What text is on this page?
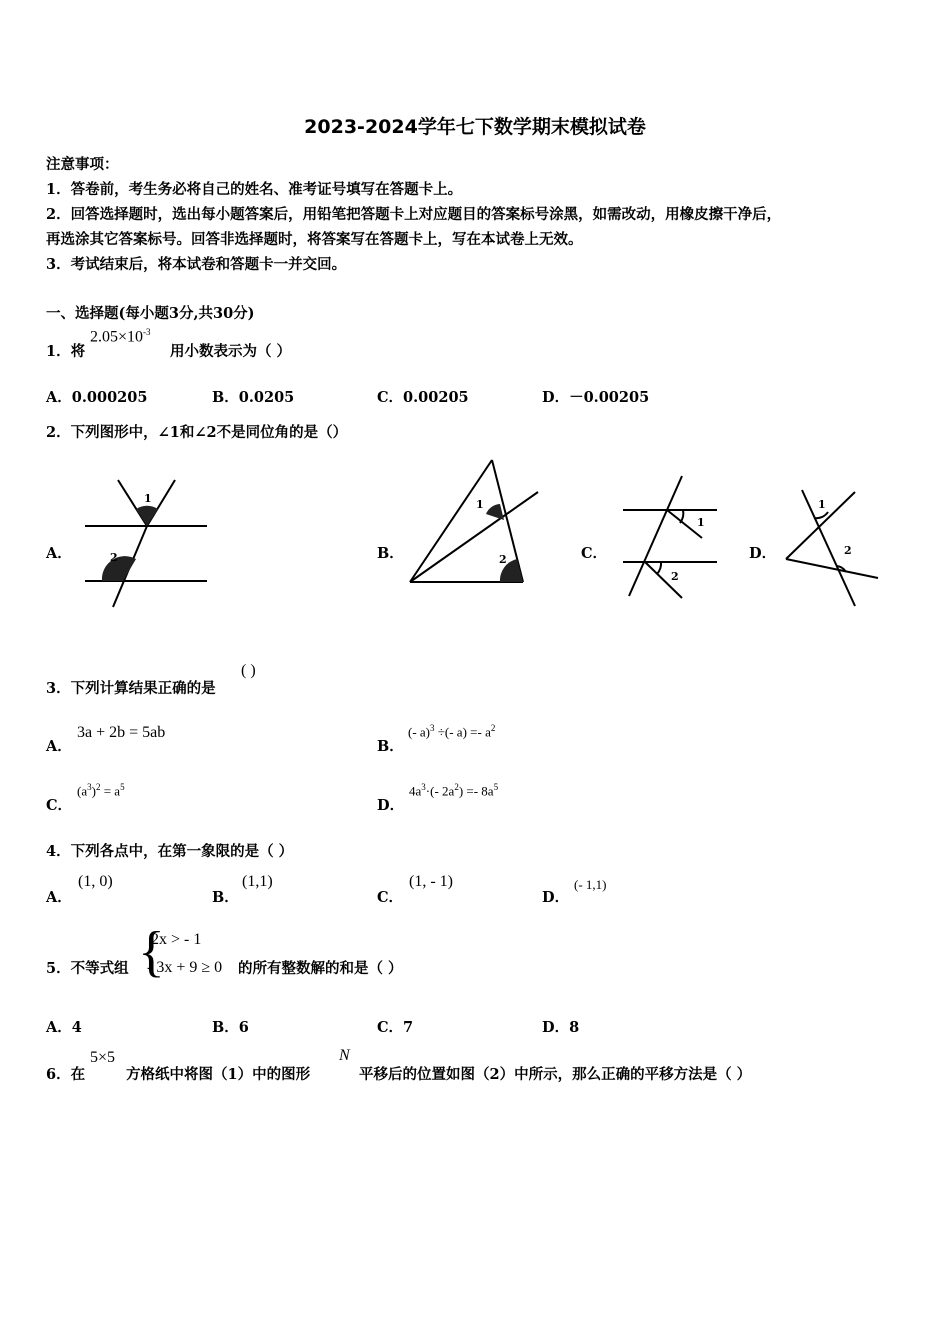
2023-2024学年七下数学期末模拟试卷
注意事项：
1．答卷前，考生务必将自己的姓名、准考证号填写在答题卡上。
2．回答选择题时，选出每小题答案后，用铅笔把答题卡上对应题目的答案标号涂黑，如需改动，用橡皮擦干净后，
再选涂其它答案标号。回答非选择题时，将答案写在答题卡上，写在本试卷上无效。
3．考试结束后，将本试卷和答题卡一并交回。
一、选择题(每小题3分,共30分)
1．将
$2.05\times 10^{-3}$
用小数表示为（ ）
A．0.000205	B．0.0205	C．0.00205	D．－0.00205
2．下列图形中，∠1和∠2不是同位角的是（）
A．	B．	C．	D．
1
2
1
2
1
2
1
2
3．下列计算结果正确的是
( )
A．
3a + 2b = 5ab
B．
(- a)$^3$ ÷(- $a) =- a^2$
C．
$(a^3)^2 = a^5$
D．
$4a^3\cdot(-$ $2a^2) =- 8a^5$
4．下列各点中，在第一象限的是（ ）
A．
(1, 0)
B．
(1,1)
C．
(1, - 1)
D．
(- 1,1)
5．不等式组 {
2x > - 1
- 3x + 9 ≥ 0 的所有整数解的和是（ ）
A．4	B．6	C．7	D．8
6．在
5×5
方格纸中将图（1）中的图形
N
平移后的位置如图（2）中所示，那么正确的平移方法是（ ）
